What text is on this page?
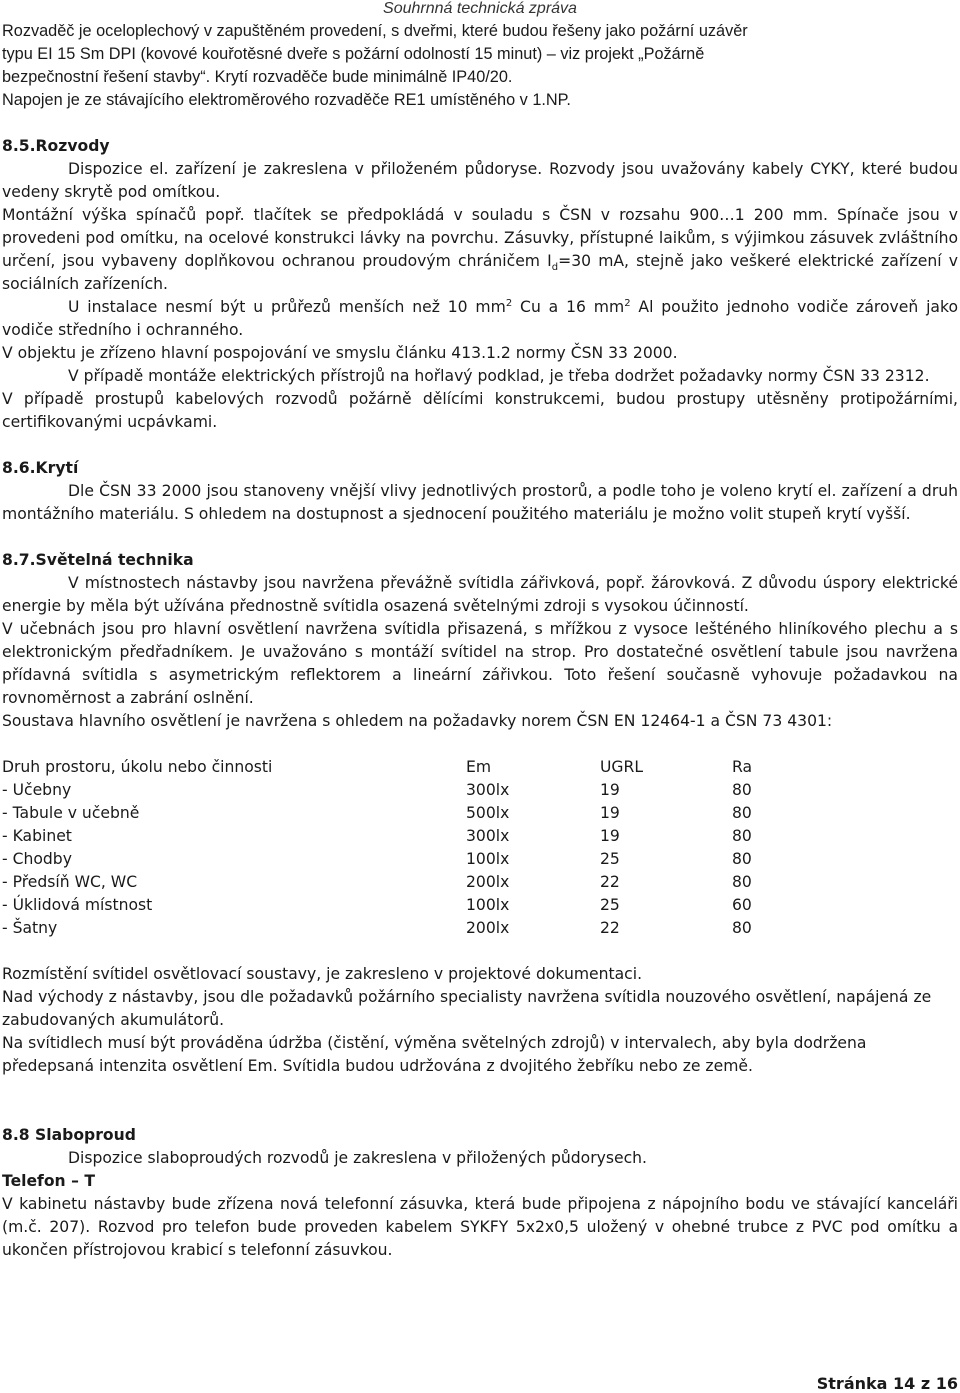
Souhrnná technická zpráva

Rozvaděč je oceloplechový v zapuštěném provedení, s dveřmi, které budou řešeny jako požární uzávěr

typu EI 15 Sm DPI (kovové kouřotěsné dveře s požární odolností 15 minut) – viz projekt „Požárně

bezpečnostní řešení stavby“. Krytí rozvaděče bude minimálně IP40/20.

Napojen je ze stávajícího elektroměrového rozvaděče RE1 umístěného v 1.NP.

8.5.Rozvody

Dispozice el. zařízení je zakreslena v přiloženém půdoryse. Rozvody jsou uvažovány kabely CYKY, které budou vedeny skrytě pod omítkou.

Montážní výška spínačů popř. tlačítek se předpokládá v souladu s ČSN v rozsahu 900…1 200 mm. Spínače jsou v provedeni pod omítku, na ocelové konstrukci lávky na povrchu. Zásuvky, přístupné laikům, s výjimkou zásuvek zvláštního určení, jsou vybaveny doplňkovou ochranou proudovým chráničem $I_d=30$ mA, stejně jako veškeré elektrické zařízení v sociálních zařízeních.

U instalace nesmí být u průřezů menších než 10 $mm^2$ Cu a 16 $mm^2$ Al použito jednoho vodiče zároveň jako vodiče středního i ochranného.

V objektu je zřízeno hlavní pospojování ve smyslu článku 413.1.2 normy ČSN 33 2000.

V případě montáže elektrických přístrojů na hořlavý podklad, je třeba dodržet požadavky normy ČSN 33 2312.

V případě prostupů kabelových rozvodů požárně dělícími konstrukcemi, budou prostupy utěsněny protipožárními, certifikovanými ucpávkami.

8.6.Krytí

Dle ČSN 33 2000 jsou stanoveny vnější vlivy jednotlivých prostorů, a podle toho je voleno krytí el. zařízení a druh montážního materiálu. S ohledem na dostupnost a sjednocení použitého materiálu je možno volit stupeň krytí vyšší.

8.7.Světelná technika

V místnostech nástavby jsou navržena převážně svítidla zářivková, popř. žárovková. Z důvodu úspory elektrické energie by měla být užívána přednostně svítidla osazená světelnými zdroji s vysokou účinností.

V učebnách jsou pro hlavní osvětlení navržena svítidla přisazená, s mřížkou z vysoce lešténého hliníkového plechu a s elektronickým předřadníkem. Je uvažováno s montáží svítidel na strop. Pro dostatečné osvětlení tabule jsou navržena přídavná svítidla s asymetrickým reflektorem a lineární zářivkou. Toto řešení současně vyhovuje požadavkou na rovnoměrnost a zabrání oslnění.

Soustava hlavního osvětlení je navržena s ohledem na požadavky norem ČSN EN 12464-1 a ČSN 73 4301:

Druh prostoru, úkolu nebo činnosti	Em	UGRL	Ra
- Učebny	300lx	19	80
- Tabule v učebně	500lx	19	80
- Kabinet	300lx	19	80
- Chodby	100lx	25	80
- Předsíň WC, WC	200lx	22	80
- Úklidová místnost	100lx	25	60
- Šatny	200lx	22	80

Rozmístění svítidel osvětlovací soustavy, je zakresleno v projektové dokumentaci.

Nad východy z nástavby, jsou dle požadavků požárního specialisty navržena svítidla nouzového osvětlení, napájená ze zabudovaných akumulátorů.

Na svítidlech musí být prováděna údržba (čistění, výměna světelných zdrojů) v intervalech, aby byla dodržena předepsaná intenzita osvětlení Em. Svítidla budou udržována z dvojitého žebříku nebo ze země.

8.8 Slaboproud

Dispozice slaboproudých rozvodů je zakreslena v přiložených půdorysech.

Telefon – T

V kabinetu nástavby bude zřízena nová telefonní zásuvka, která bude připojena z nápojního bodu ve stávající kanceláři (m.č. 207). Rozvod pro telefon bude proveden kabelem SYKFY 5x2x0,5 uložený v ohebné trubce z PVC pod omítku a ukončen přístrojovou krabicí s telefonní zásuvkou.

Stránka 14 z 16
